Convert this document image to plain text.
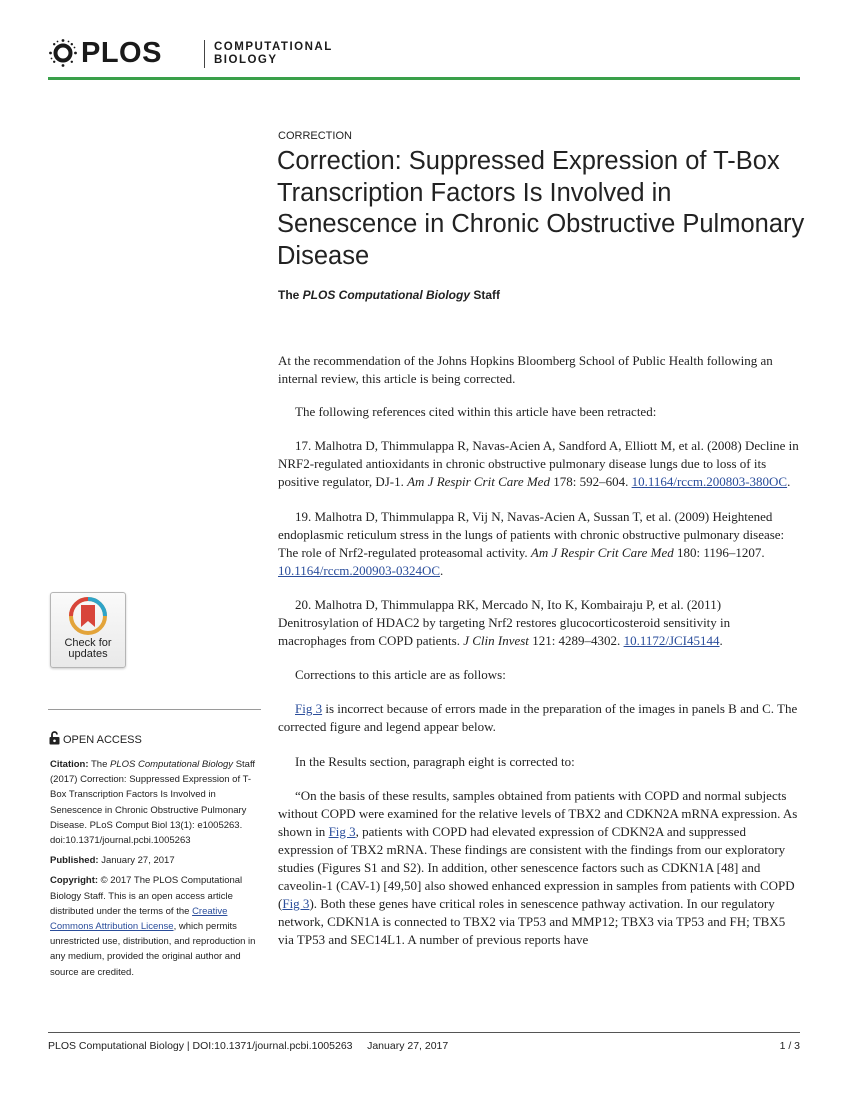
PLOS	COMPUTATIONAL
BIOLOGY
CORRECTION
Correction: Suppressed Expression of T-Box Transcription Factors Is Involved in Senescence in Chronic Obstructive Pulmonary Disease
The PLOS Computational Biology Staff

At the recommendation of the Johns Hopkins Bloomberg School of Public Health following an internal review, this article is being corrected.

The following references cited within this article have been retracted:

17. Malhotra D, Thimmulappa R, Navas-Acien A, Sandford A, Elliott M, et al. (2008) Decline in NRF2-regulated antioxidants in chronic obstructive pulmonary disease lungs due to loss of its positive regulator, DJ-1. Am J Respir Crit Care Med 178: 592–604. 10.1164/rccm.200803-380OC.

19. Malhotra D, Thimmulappa R, Vij N, Navas-Acien A, Sussan T, et al. (2009) Heightened endoplasmic reticulum stress in the lungs of patients with chronic obstructive pulmonary disease: The role of Nrf2-regulated proteasomal activity. Am J Respir Crit Care Med 180: 1196–1207. 10.1164/rccm.200903-0324OC.

20. Malhotra D, Thimmulappa RK, Mercado N, Ito K, Kombairaju P, et al. (2011) Denitrosylation of HDAC2 by targeting Nrf2 restores glucocorticosteroid sensitivity in macrophages from COPD patients. J Clin Invest 121: 4289–4302. 10.1172/JCI45144.

Corrections to this article are as follows:

Fig 3 is incorrect because of errors made in the preparation of the images in panels B and C. The corrected figure and legend appear below.

In the Results section, paragraph eight is corrected to:

“On the basis of these results, samples obtained from patients with COPD and normal subjects without COPD were examined for the relative levels of TBX2 and CDKN2A mRNA expression. As shown in Fig 3, patients with COPD had elevated expression of CDKN2A and suppressed expression of TBX2 mRNA. These findings are consistent with the findings from our exploratory studies (Figures S1 and S2). In addition, other senescence factors such as CDKN1A [48] and caveolin-1 (CAV-1) [49,50] also showed enhanced expression in samples from patients with COPD (Fig 3). Both these genes have critical roles in senescence pathway activation. In our regulatory network, CDKN1A is connected to TBX2 via TP53 and MMP12; TBX3 via TP53 and FH; TBX5 via TP53 and SEC14L1. A number of previous reports have

Check for
updates
OPEN ACCESS

Citation: The PLOS Computational Biology Staff (2017) Correction: Suppressed Expression of T-Box Transcription Factors Is Involved in Senescence in Chronic Obstructive Pulmonary Disease. PLoS Comput Biol 13(1): e1005263. doi:10.1371/journal.pcbi.1005263

Published: January 27, 2017

Copyright: © 2017 The PLOS Computational Biology Staff. This is an open access article distributed under the terms of the Creative Commons Attribution License, which permits unrestricted use, distribution, and reproduction in any medium, provided the original author and source are credited.

PLOS Computational Biology | DOI:10.1371/journal.pcbi.1005263     January 27, 2017	1 / 3
